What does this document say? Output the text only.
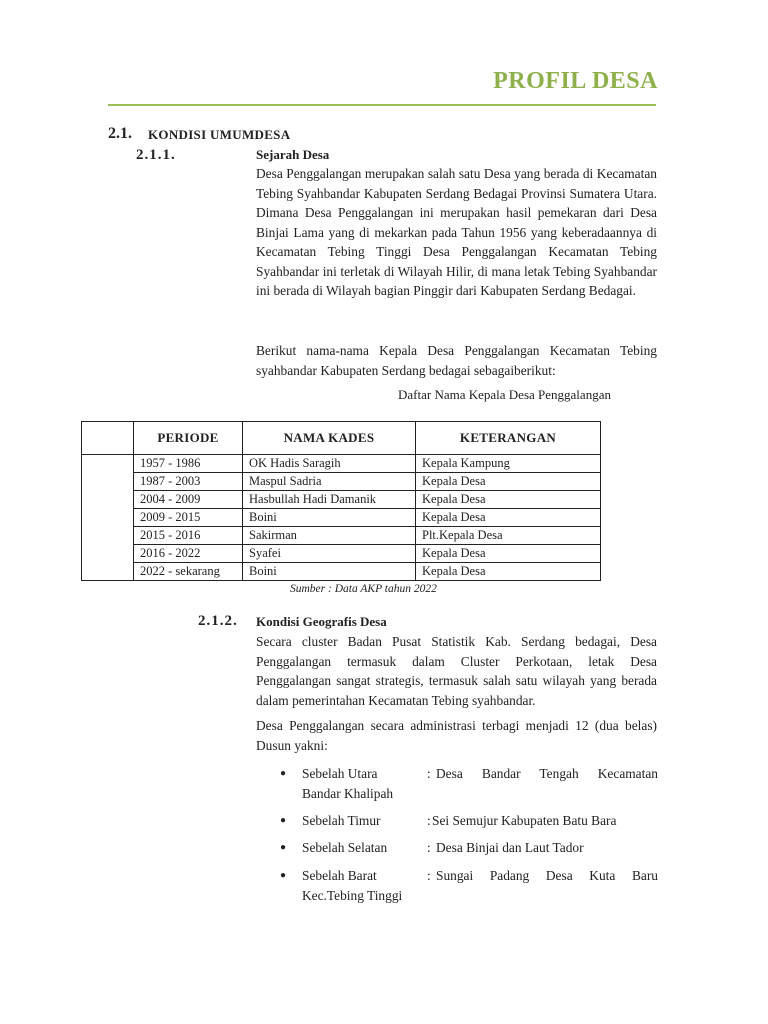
PROFIL DESA
2.1. KONDISI UMUMDESA
2.1.1.	Sejarah Desa
Desa Penggalangan merupakan salah satu Desa yang berada di Kecamatan Tebing Syahbandar Kabupaten Serdang Bedagai Provinsi Sumatera Utara. Dimana Desa Penggalangan ini merupakan hasil pemekaran dari Desa Binjai Lama yang di mekarkan pada Tahun 1956 yang keberadaannya di Kecamatan Tebing Tinggi Desa Penggalangan Kecamatan Tebing Syahbandar ini terletak di Wilayah Hilir, di mana letak Tebing Syahbandar ini berada di Wilayah bagian Pinggir dari Kabupaten Serdang Bedagai.
Berikut nama-nama Kepala Desa Penggalangan Kecamatan Tebing syahbandar Kabupaten Serdang bedagai sebagaiberikut:
Daftar Nama Kepala Desa Penggalangan
	PERIODE	NAMA KADES	KETERANGAN
	1957 - 1986	OK Hadis Saragih	Kepala Kampung
	1987 - 2003	Maspul Sadria	Kepala Desa
	2004 - 2009	Hasbullah Hadi Damanik	Kepala Desa
	2009 - 2015	Boini	Kepala Desa
	2015 - 2016	Sakirman	Plt.Kepala Desa
	2016 - 2022	Syafei	Kepala Desa
	2022 - sekarang	Boini	Kepala Desa
Sumber : Data AKP tahun 2022
2.1.2. Kondisi Geografis Desa
Secara cluster Badan Pusat Statistik Kab. Serdang bedagai, Desa Penggalangan termasuk dalam Cluster Perkotaan, letak Desa Penggalangan sangat strategis, termasuk salah satu wilayah yang berada dalam pemerintahan Kecamatan Tebing syahbandar.
Desa Penggalangan secara administrasi terbagi menjadi 12 (dua belas) Dusun yakni:
● Sebelah Utara	: Desa Bandar Tengah Kecamatan
Bandar Khalipah
● Sebelah Timur	: Sei Semujur Kabupaten Batu Bara
● Sebelah Selatan	: Desa Binjai dan Laut Tador
● Sebelah Barat	: Sungai Padang Desa Kuta Baru
Kec.Tebing Tinggi
